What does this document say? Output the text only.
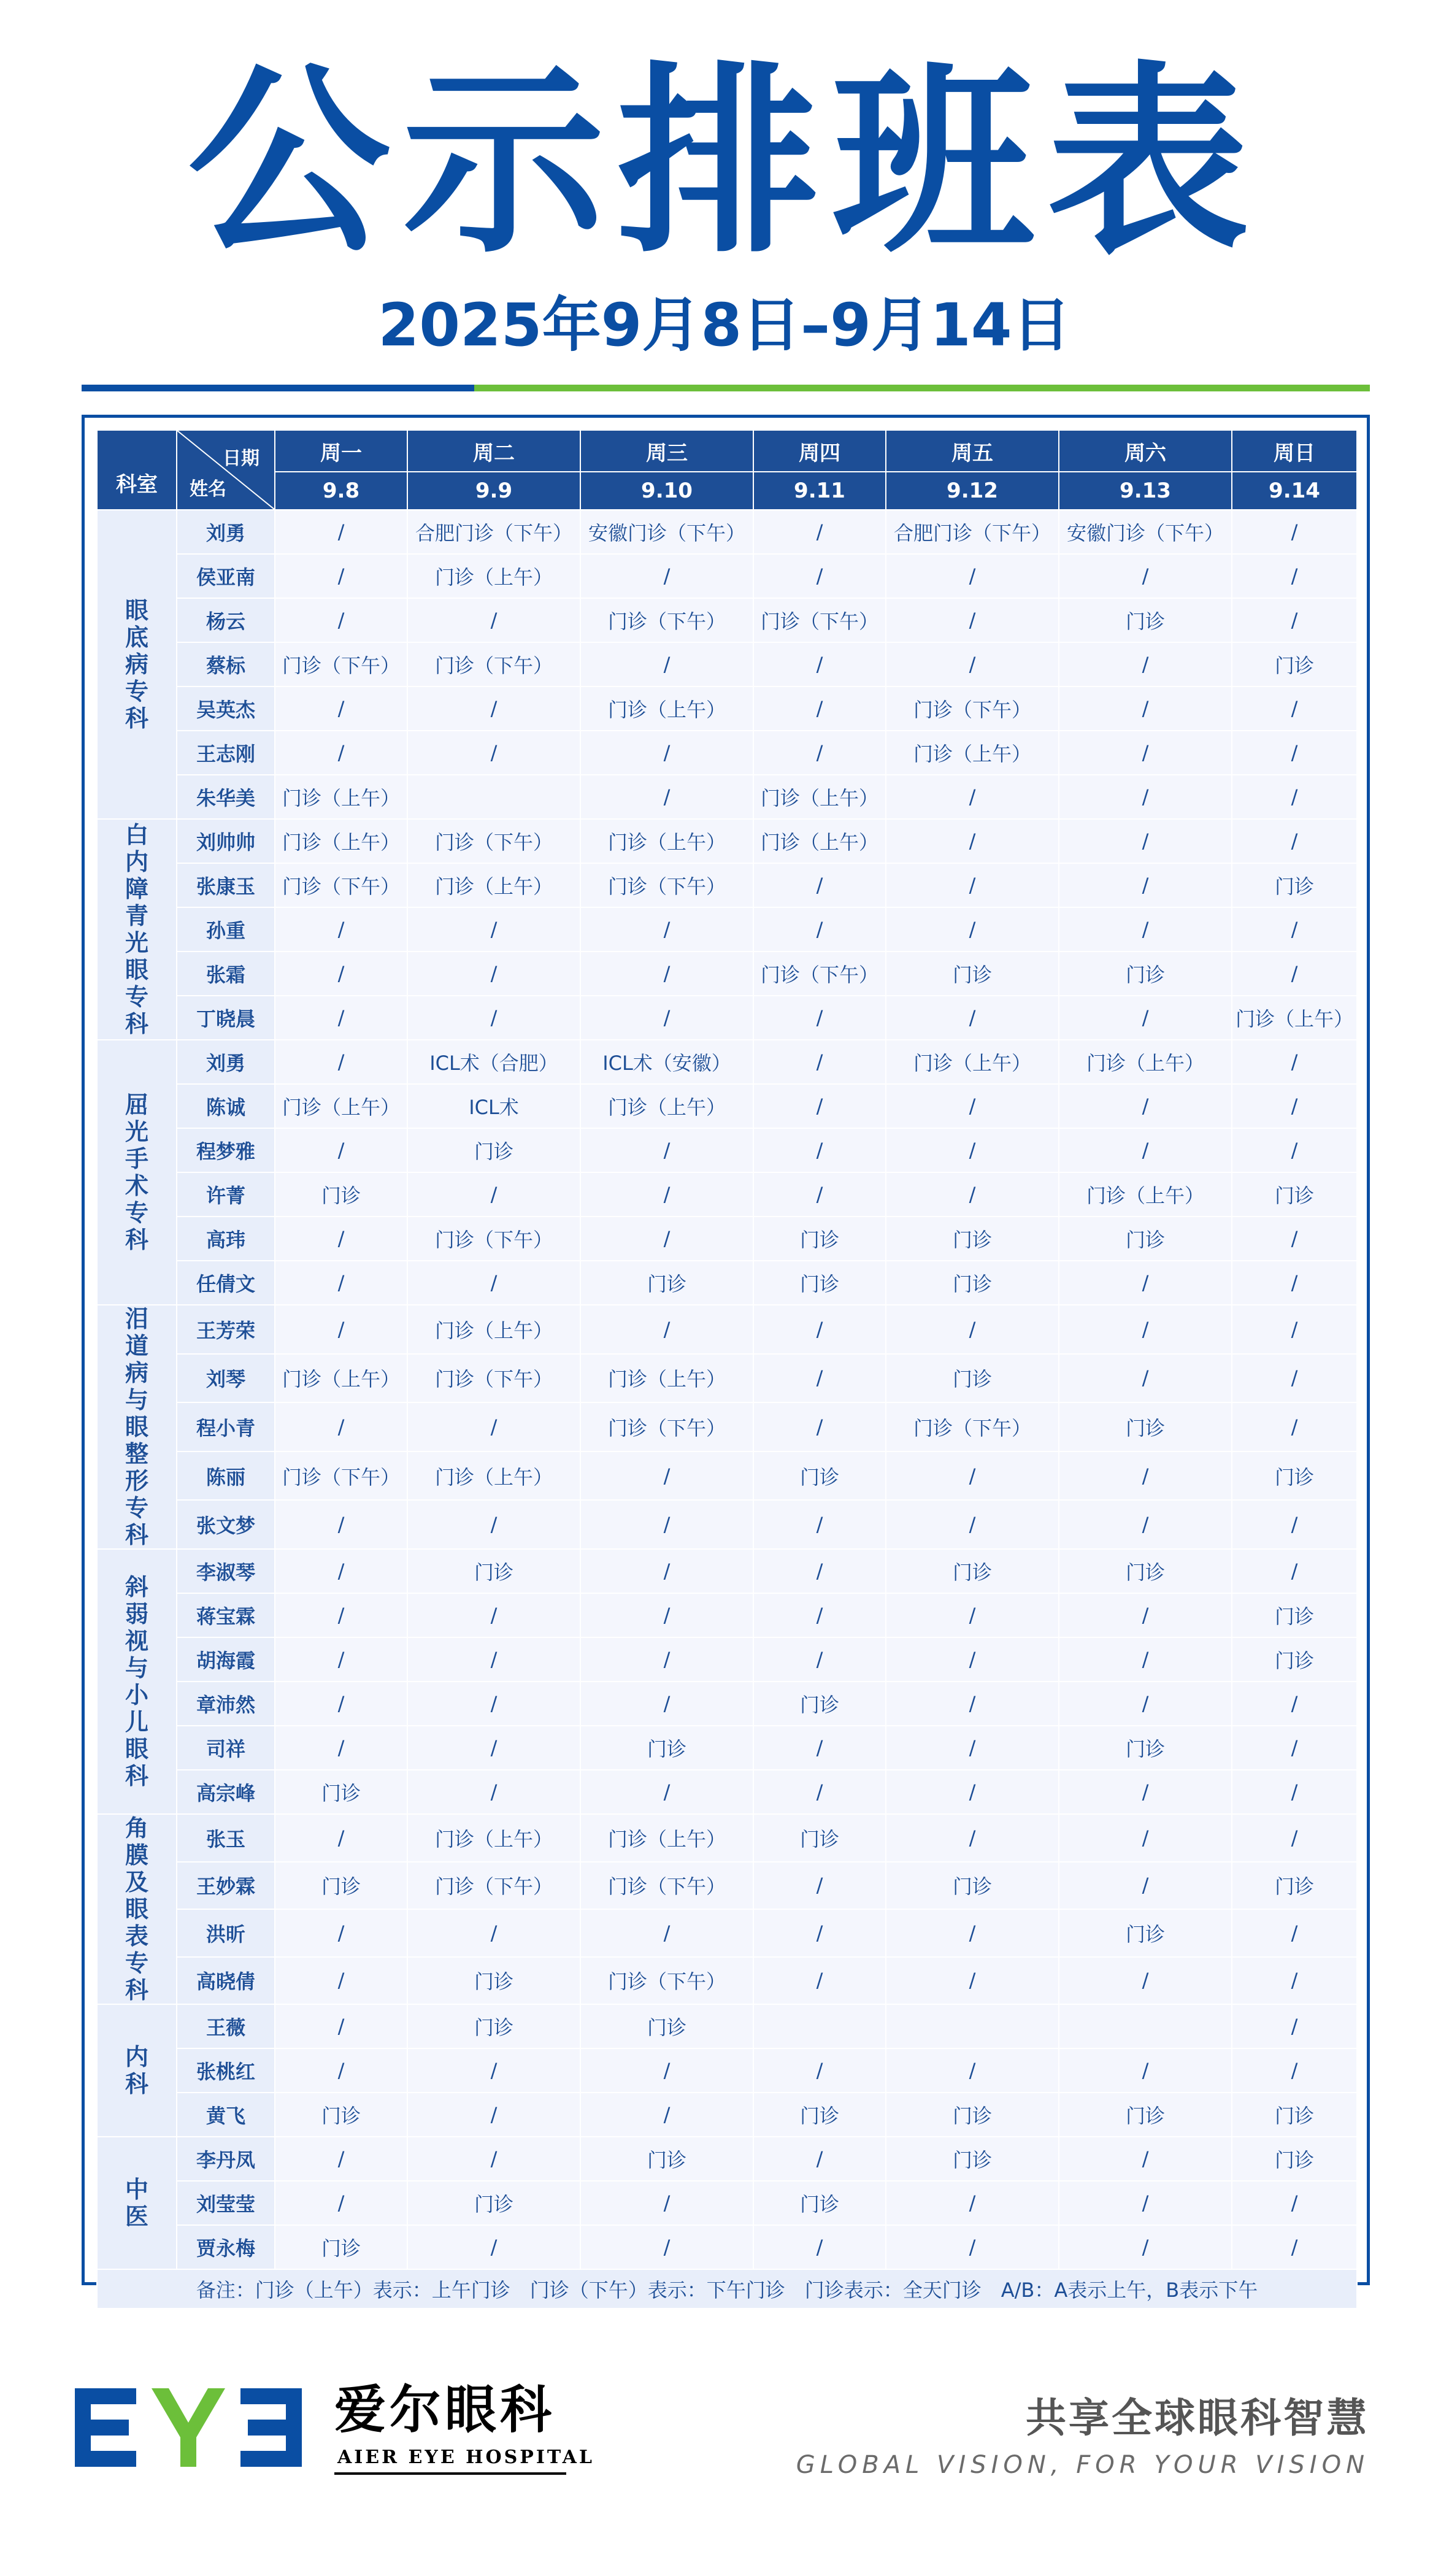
公示排班表
2025年9月8日–9月14日
科室	日期
姓名	周一	周二	周三	周四	周五	周六	周日
		9.8	9.9	9.10	9.11	9.12	9.13	9.14
眼底病专科	刘勇	/	合肥门诊（下午）	安徽门诊（下午）	/	合肥门诊（下午）	安徽门诊（下午）	/
	侯亚南	/	门诊（上午）	/	/	/	/	/
	杨云	/	/	门诊（下午）	门诊（下午）	/	门诊	/
	蔡标	门诊（下午）	门诊（下午）	/	/	/	/	门诊
	吴英杰	/	/	门诊（上午）	/	门诊（下午）	/	/
	王志刚	/	/	/	/	门诊（上午）	/	/
	朱华美	门诊（上午）		/	门诊（上午）	/	/	/
白内障青光眼专科	刘帅帅	门诊（上午）	门诊（下午）	门诊（上午）	门诊（上午）	/	/	/
	张康玉	门诊（下午）	门诊（上午）	门诊（下午）	/	/	/	门诊
	孙重	/	/	/	/	/	/	/
	张霜	/	/	/	门诊（下午）	门诊	门诊	/
	丁晓晨	/	/	/	/	/	/	门诊（上午）
屈光手术专科	刘勇	/	ICL术（合肥）	ICL术（安徽）	/	门诊（上午）	门诊（上午）	/
	陈诚	门诊（上午）	ICL术	门诊（上午）	/	/	/	/
	程梦雅	/	门诊	/	/	/	/	/
	许菁	门诊	/	/	/	/	门诊（上午）	门诊
	高玮	/	门诊（下午）	/	门诊	门诊	门诊	/
	任倩文	/	/	门诊	门诊	门诊	/	/
泪道病与眼整形专科	王芳荣	/	门诊（上午）	/	/	/	/	/
	刘琴	门诊（上午）	门诊（下午）	门诊（上午）	/	门诊	/	/
	程小青	/	/	门诊（下午）	/	门诊（下午）	门诊	/
	陈丽	门诊（下午）	门诊（上午）	/	门诊	/	/	门诊
	张文梦	/	/	/	/	/	/	/
斜弱视与小儿眼科	李淑琴	/	门诊	/	/	门诊	门诊	/
	蒋宝霖	/	/	/	/	/	/	门诊
	胡海霞	/	/	/	/	/	/	门诊
	章沛然	/	/	/	门诊	/	/	/
	司祥	/	/	门诊	/	/	门诊	/
	高宗峰	门诊	/	/	/	/	/	/
角膜及眼表专科	张玉	/	门诊（上午）	门诊（上午）	门诊	/	/	/
	王妙霖	门诊	门诊（下午）	门诊（下午）	/	门诊	/	门诊
	洪昕	/	/	/	/	/	门诊	/
	高晓倩	/	门诊	门诊（下午）	/	/	/	/
内科	王薇	/	门诊	门诊				/
	张桃红	/	/	/	/	/	/	/
	黄飞	门诊	/	/	门诊	门诊	门诊	门诊
中医	李丹凤	/	/	门诊	/	门诊	/	门诊
	刘莹莹	/	门诊	/	门诊	/	/	/
	贾永梅	门诊	/	/	/	/	/	/
备注：门诊（上午）表示：上午门诊　门诊（下午）表示：下午门诊　门诊表示：全天门诊　A/B：A表示上午，B表示下午								
爱尔眼科
AIER EYE HOSPITAL
共享全球眼科智慧
GLOBAL VISION, FOR YOUR VISION
